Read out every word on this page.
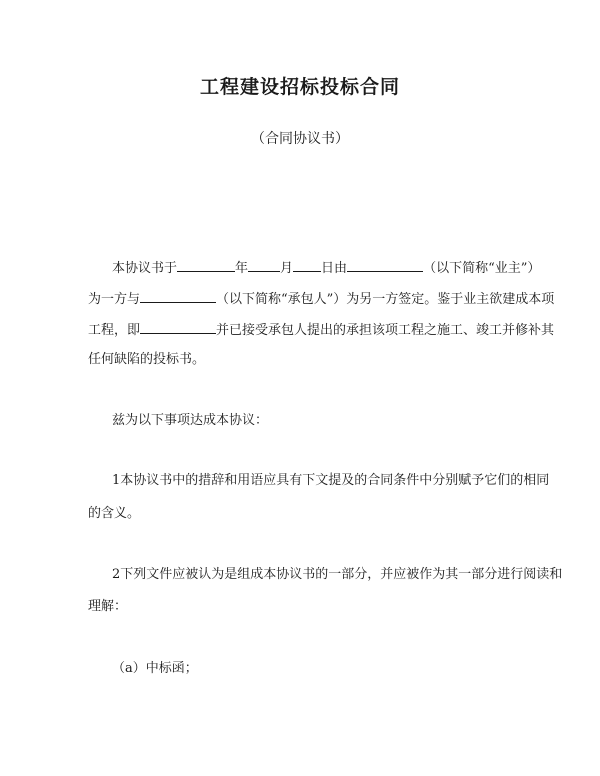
工程建设招标投标合同
（合同协议书）
本协议书于	年 月 日由	（以下简称“业主”）
为一方与	（以下简称“承包人”）为另一方签定。鉴于业主欲建成本项
工程，即	并已接受承包人提出的承担该项工程之施工、竣工并修补其
任何缺陷的投标书。
兹为以下事项达成本协议：
1本协议书中的措辞和用语应具有下文提及的合同条件中分别赋予它们的相同
的含义。
2下列文件应被认为是组成本协议书的一部分，并应被作为其一部分进行阅读和
理解：
（a）中标函；
